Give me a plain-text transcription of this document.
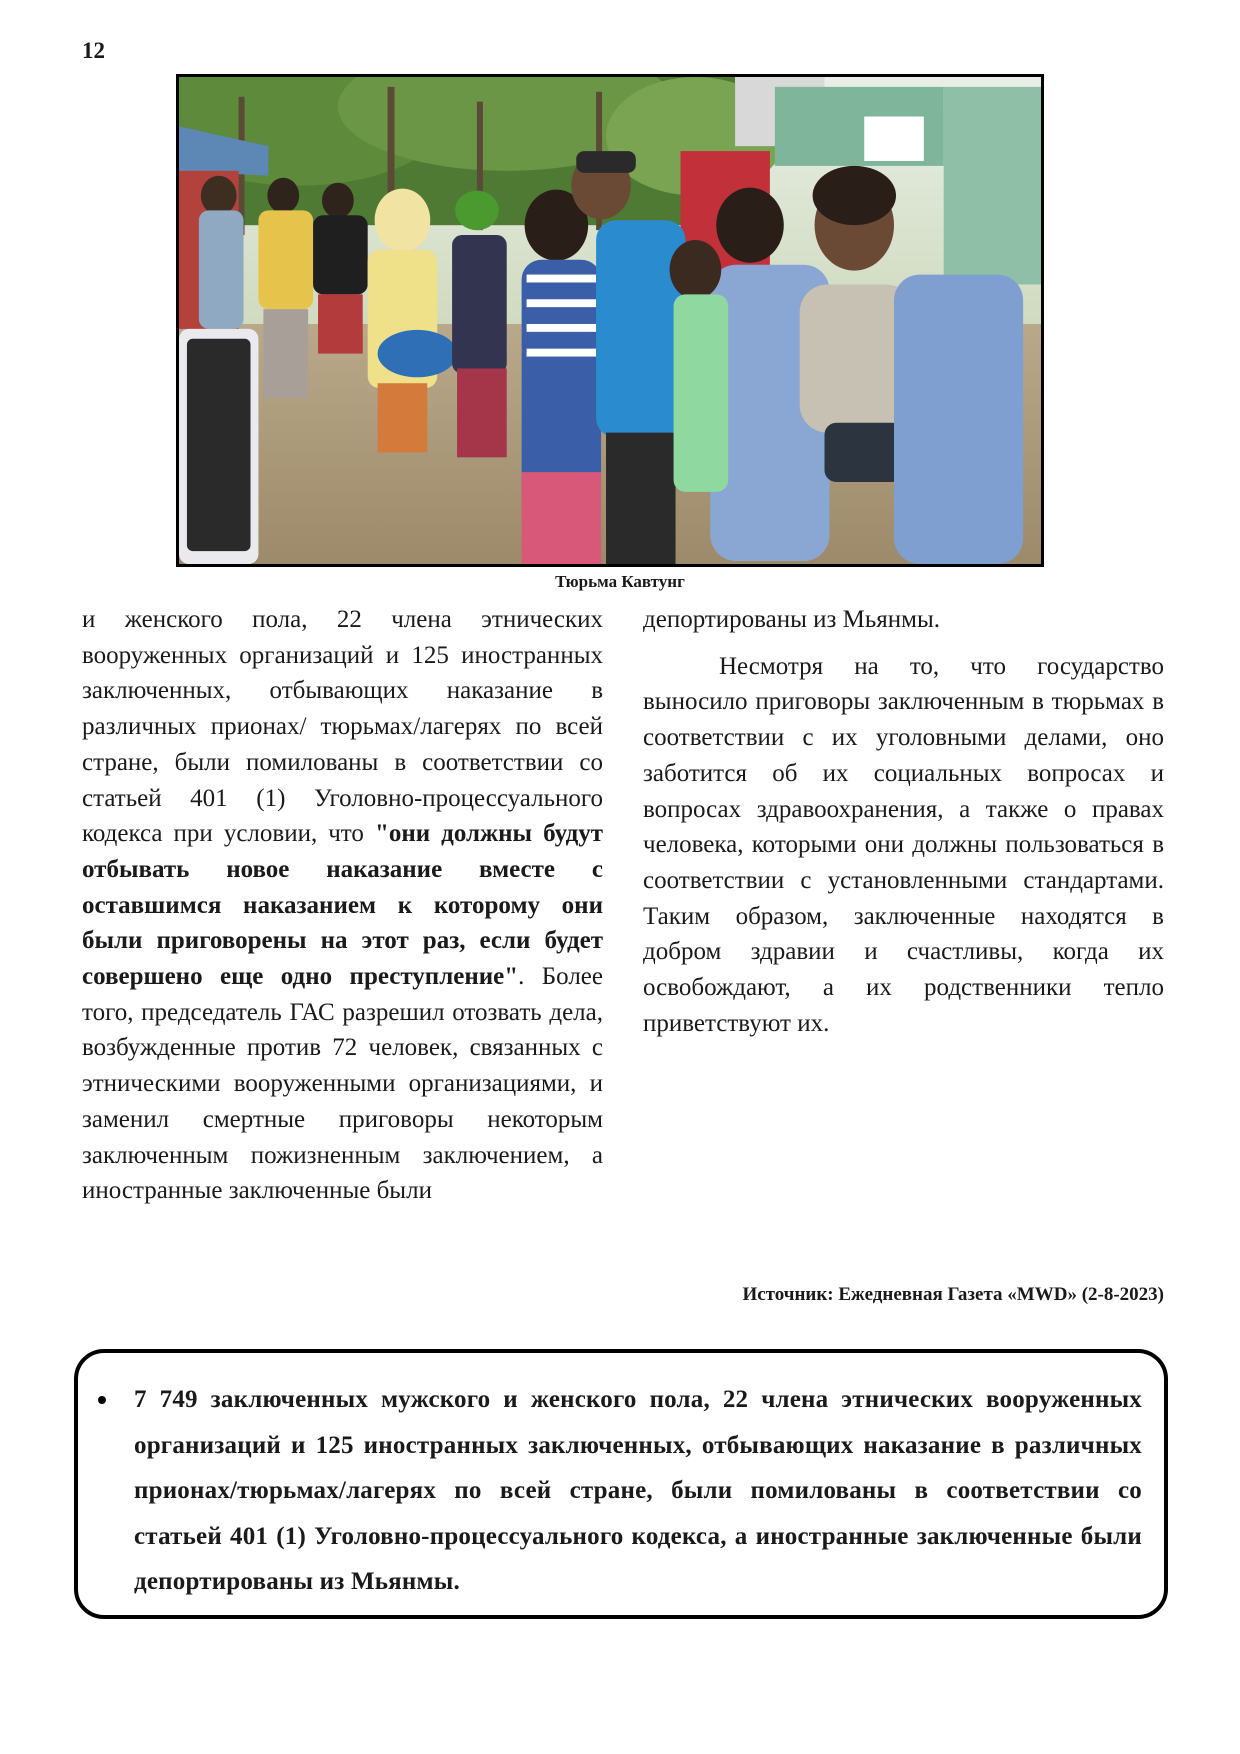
12
Тюрьма Кавтунг

и женского пола, 22 члена этнических вооруженных организаций и 125 иностранных заключенных, отбывающих наказание в различных прионах/ тюрьмах/лагерях по всей стране, были помилованы в соответствии со статьей 401 (1) Уголовно-процессуального кодекса при условии, что "они должны будут отбывать новое наказание вместе с оставшимся наказанием к которому они были приговорены на этот раз, если будет совершено еще одно преступление". Более того, председатель ГАС разрешил отозвать дела, возбужденные против 72 человек, связанных с этническими вооруженными организациями, и заменил смертные приговоры некоторым заключенным пожизненным заключением, а иностранные заключенные были

депортированы из Мьянмы.

Несмотря на то, что государство выносило приговоры заключенным в тюрьмах в соответствии с их уголовными делами, оно заботится об их социальных вопросах и вопросах здравоохранения, а также о правах человека, которыми они должны пользоваться в соответствии с установленными стандартами. Таким образом, заключенные находятся в добром здравии и счастливы, когда их освобождают, а их родственники тепло приветствуют их.

Источник: Ежедневная Газета «MWD» (2-8-2023)
7 749 заключенных мужского и женского пола, 22 члена этнических вооруженных организаций и 125 иностранных заключенных, отбывающих наказание в различных прионах/тюрьмах/лагерях по всей стране, были помилованы в соответствии со статьей 401 (1) Уголовно-процессуального кодекса, а иностранные заключенные были депортированы из Мьянмы.
